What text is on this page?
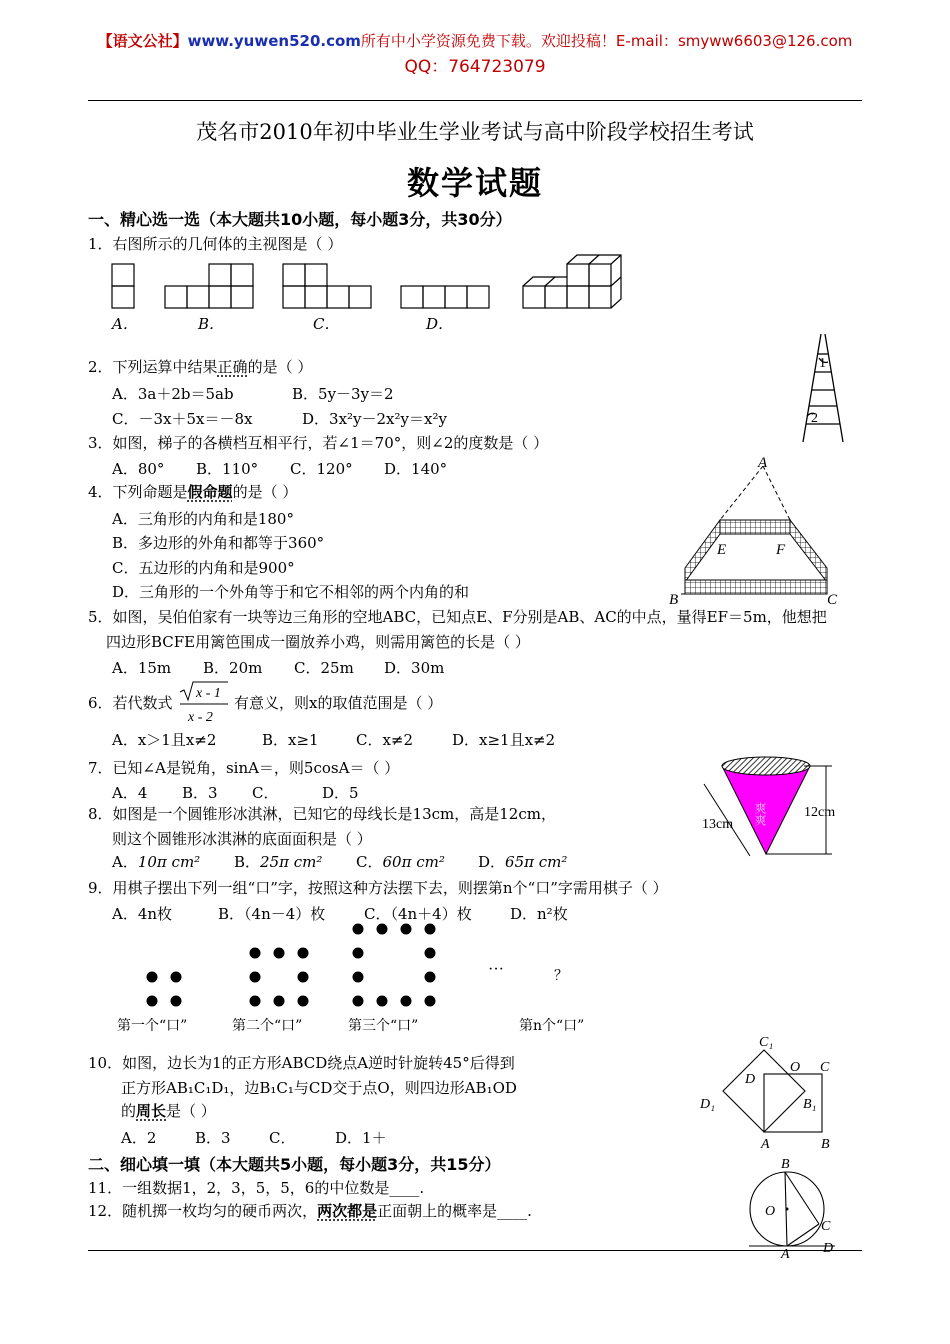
【语文公社】www.yuwen520.com所有中小学资源免费下载。欢迎投稿！E-mail：smyww6603@126.com
QQ：764723079
茂名市2010年初中毕业生学业考试与高中阶段学校招生考试
数学试题
一、精心选一选（本大题共10小题，每小题3分，共30分）
1．右图所示的几何体的主视图是（ ）
A．	B．	C．	D．
2．下列运算中结果正确的是（ ）
A．3a＋2b＝5ab	B．5y－3y＝2
C．－3x＋5x＝－8x	D．3x²y－2x²y＝x²y
1
2
3．如图，梯子的各横档互相平行，若∠1＝70°，则∠2的度数是（ ）
A．80° B．110° C．120° D．140°
4．下列命题是假命题的是（ ）
A．三角形的内角和是180°
B．多边形的外角和都等于360°
C．五边形的内角和是900°
D．三角形的一个外角等于和它不相邻的两个内角的和
A
E	F
B	C
5．如图，吴伯伯家有一块等边三角形的空地ABC，已知点E、F分别是AB、AC的中点，量得EF＝5m，他想把
四边形BCFE用篱笆围成一圈放养小鸡，则需用篱笆的长是（ ）
A．15m B．20m C．25m D．30m
6．若代数式
x - 1
x - 2
有意义，则x的取值范围是（ ）
A．x＞1且x≠2	B．x≥1 C．x≠2	D．x≥1且x≠2
7．已知∠A是锐角，sinA＝，则5cosA＝（ ）
A．4 B．3 C．	D．5
爽爽
13cm
12cm
8．如图是一个圆锥形冰淇淋，已知它的母线长是13cm，高是12cm，
则这个圆锥形冰淇淋的底面面积是（ ）
A．10π cm² B．25π cm² C．60π cm² D．65π cm²
9．用棋子摆出下列一组“口”字，按照这种方法摆下去，则摆第n个“口”字需用棋子（ ）
A．4n枚	B．（4n－4）枚	C．（4n＋4）枚	D．n²枚
···	？
第一个“口”	第二个“口”	第三个“口”	第n个“口”
C₁
D
O C
D₁	B₁
A	B
10．如图，边长为1的正方形ABCD绕点A逆时针旋转45°后得到
正方形AB₁C₁D₁，边B₁C₁与CD交于点O，则四边形AB₁OD
的周长是（ ）
A．2	B．3	C．	D．1＋
二、细心填一填（本大题共5小题，每小题3分，共15分）
11．一组数据1，2，3，5，5，6的中位数是____.
12．随机掷一枚均匀的硬币两次，两次都是正面朝上的概率是____.
B
O
C
A D
